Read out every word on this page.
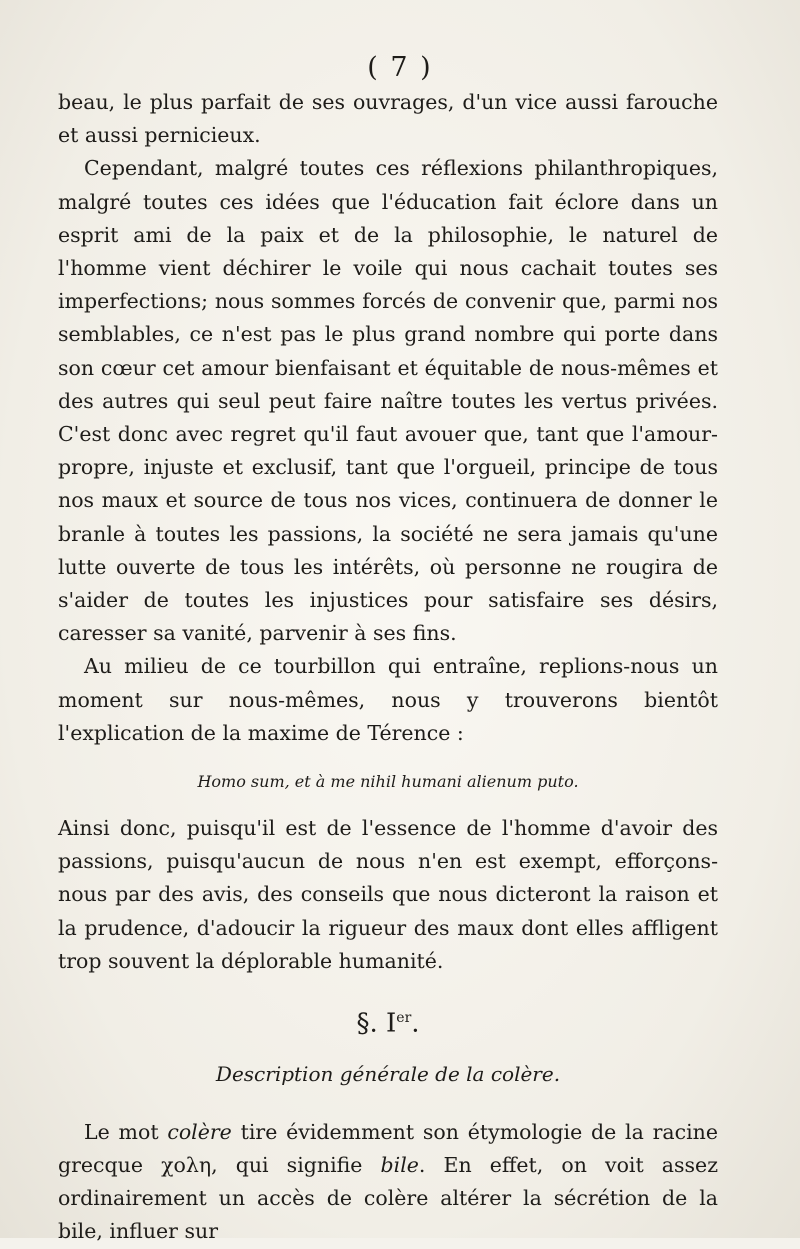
( 7 )

beau, le plus parfait de ses ouvrages, d'un vice aussi farouche et aussi pernicieux.

Cependant, malgré toutes ces réflexions philanthropiques, malgré toutes ces idées que l'éducation fait éclore dans un esprit ami de la paix et de la philosophie, le naturel de l'homme vient déchirer le voile qui nous cachait toutes ses imperfections; nous sommes forcés de convenir que, parmi nos semblables, ce n'est pas le plus grand nombre qui porte dans son cœur cet amour bienfaisant et équitable de nous-mêmes et des autres qui seul peut faire naître toutes les vertus privées. C'est donc avec regret qu'il faut avouer que, tant que l'amour-propre, injuste et exclusif, tant que l'orgueil, principe de tous nos maux et source de tous nos vices, continuera de donner le branle à toutes les passions, la société ne sera jamais qu'une lutte ouverte de tous les intérêts, où personne ne rougira de s'aider de toutes les injustices pour satisfaire ses désirs, caresser sa vanité, parvenir à ses fins.

Au milieu de ce tourbillon qui entraîne, replions-nous un moment sur nous-mêmes, nous y trouverons bientôt l'explication de la maxime de Térence :

Homo sum, et à me nihil humani alienum puto.

Ainsi donc, puisqu'il est de l'essence de l'homme d'avoir des passions, puisqu'aucun de nous n'en est exempt, efforçons-nous par des avis, des conseils que nous dicteront la raison et la prudence, d'adoucir la rigueur des maux dont elles affligent trop souvent la déplorable humanité.

§. Ier.

Description générale de la colère.

Le mot colère tire évidemment son étymologie de la racine grecque χολη, qui signifie bile. En effet, on voit assez ordinairement un accès de colère altérer la sécrétion de la bile, influer sur
